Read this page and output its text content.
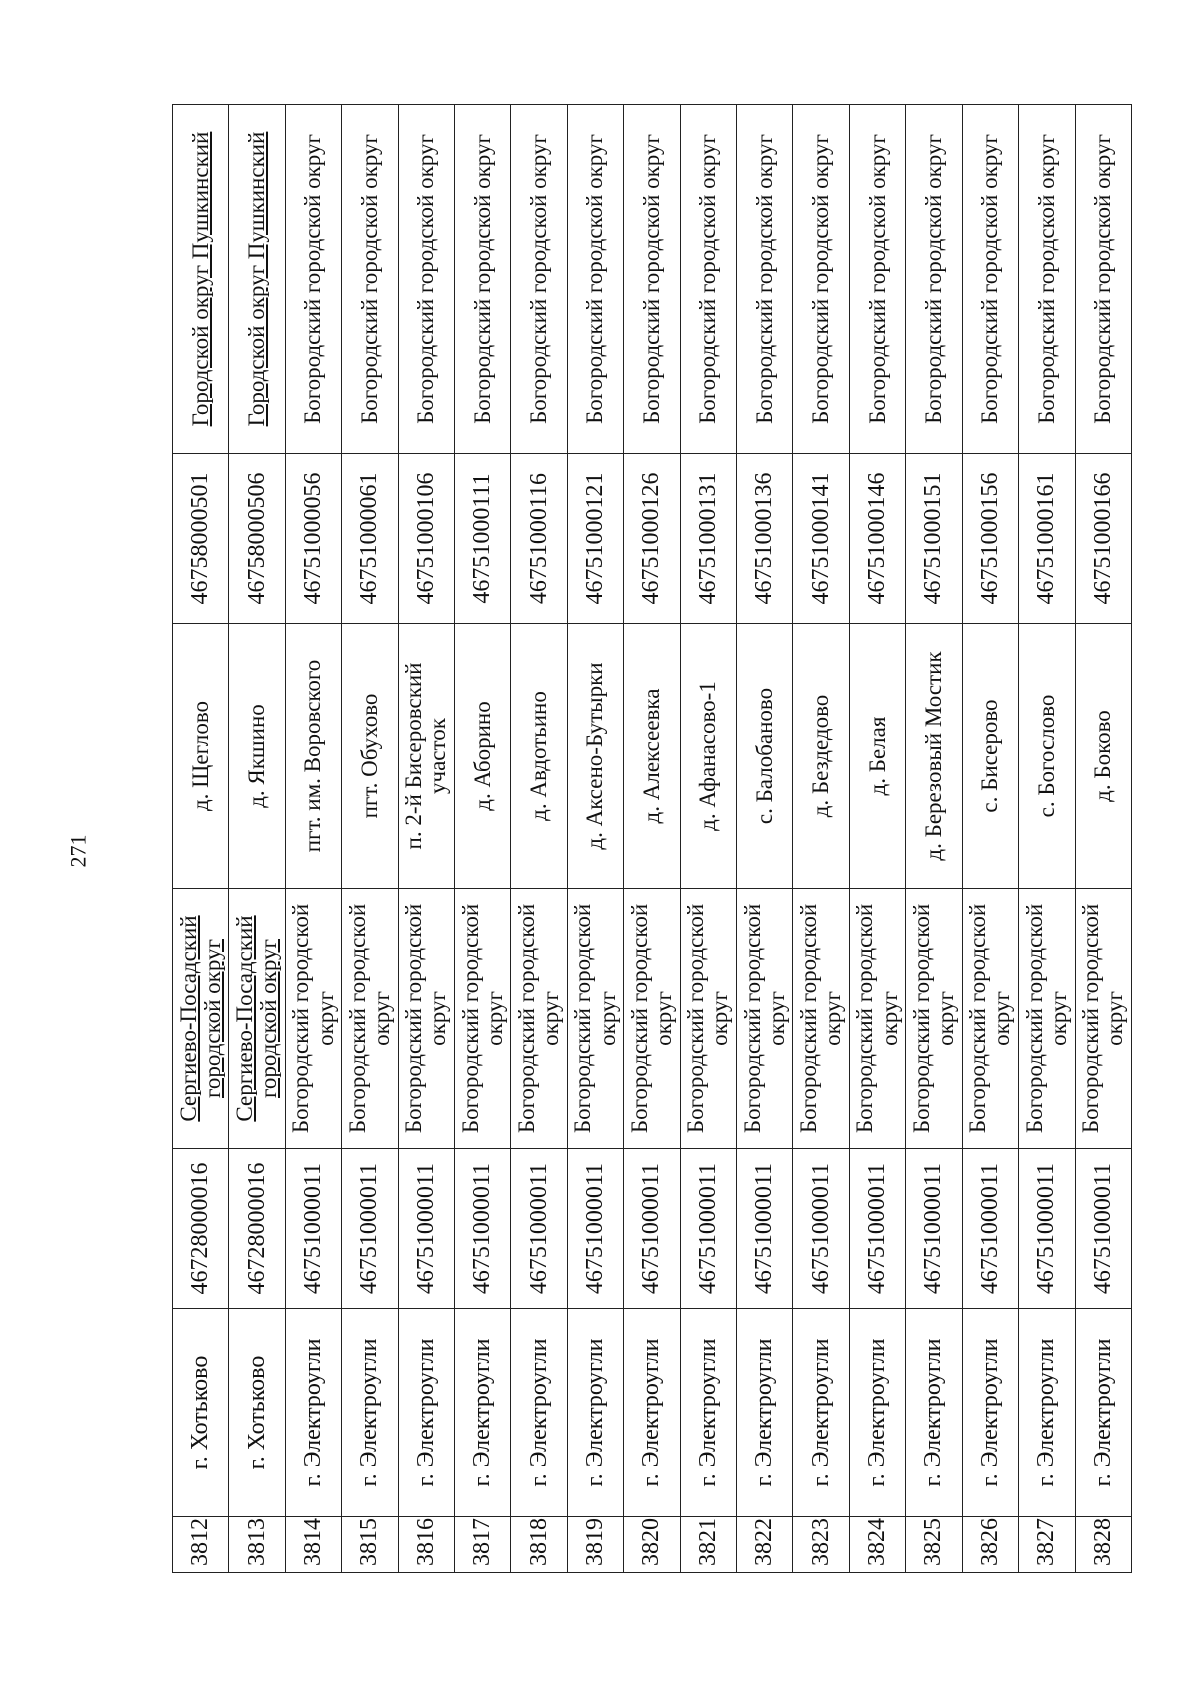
271
3812	г. Хотьково	46728000016	Сергиево-Посадский городской округ	д. Щеглово	46758000501	Городской округ Пушкинский
3813	г. Хотьково	46728000016	Сергиево-Посадский городской округ	д. Якшино	46758000506	Городской округ Пушкинский
3814	г. Электроугли	46751000011	Богородский городской округ	пгт. им. Воровского	46751000056	Богородский городской округ
3815	г. Электроугли	46751000011	Богородский городской округ	пгт. Обухово	46751000061	Богородский городской округ
3816	г. Электроугли	46751000011	Богородский городской округ	п. 2-й Бисеровский участок	46751000106	Богородский городской округ
3817	г. Электроугли	46751000011	Богородский городской округ	д. Аборино	46751000111	Богородский городской округ
3818	г. Электроугли	46751000011	Богородский городской округ	д. Авдотьино	46751000116	Богородский городской округ
3819	г. Электроугли	46751000011	Богородский городской округ	д. Аксено-Бутырки	46751000121	Богородский городской округ
3820	г. Электроугли	46751000011	Богородский городской округ	д. Алексеевка	46751000126	Богородский городской округ
3821	г. Электроугли	46751000011	Богородский городской округ	д. Афанасово-1	46751000131	Богородский городской округ
3822	г. Электроугли	46751000011	Богородский городской округ	с. Балобаново	46751000136	Богородский городской округ
3823	г. Электроугли	46751000011	Богородский городской округ	д. Бездедово	46751000141	Богородский городской округ
3824	г. Электроугли	46751000011	Богородский городской округ	д. Белая	46751000146	Богородский городской округ
3825	г. Электроугли	46751000011	Богородский городской округ	д. Березовый Мостик	46751000151	Богородский городской округ
3826	г. Электроугли	46751000011	Богородский городской округ	с. Бисерово	46751000156	Богородский городской округ
3827	г. Электроугли	46751000011	Богородский городской округ	с. Богослово	46751000161	Богородский городской округ
3828	г. Электроугли	46751000011	Богородский городской округ	д. Боково	46751000166	Богородский городской округ
